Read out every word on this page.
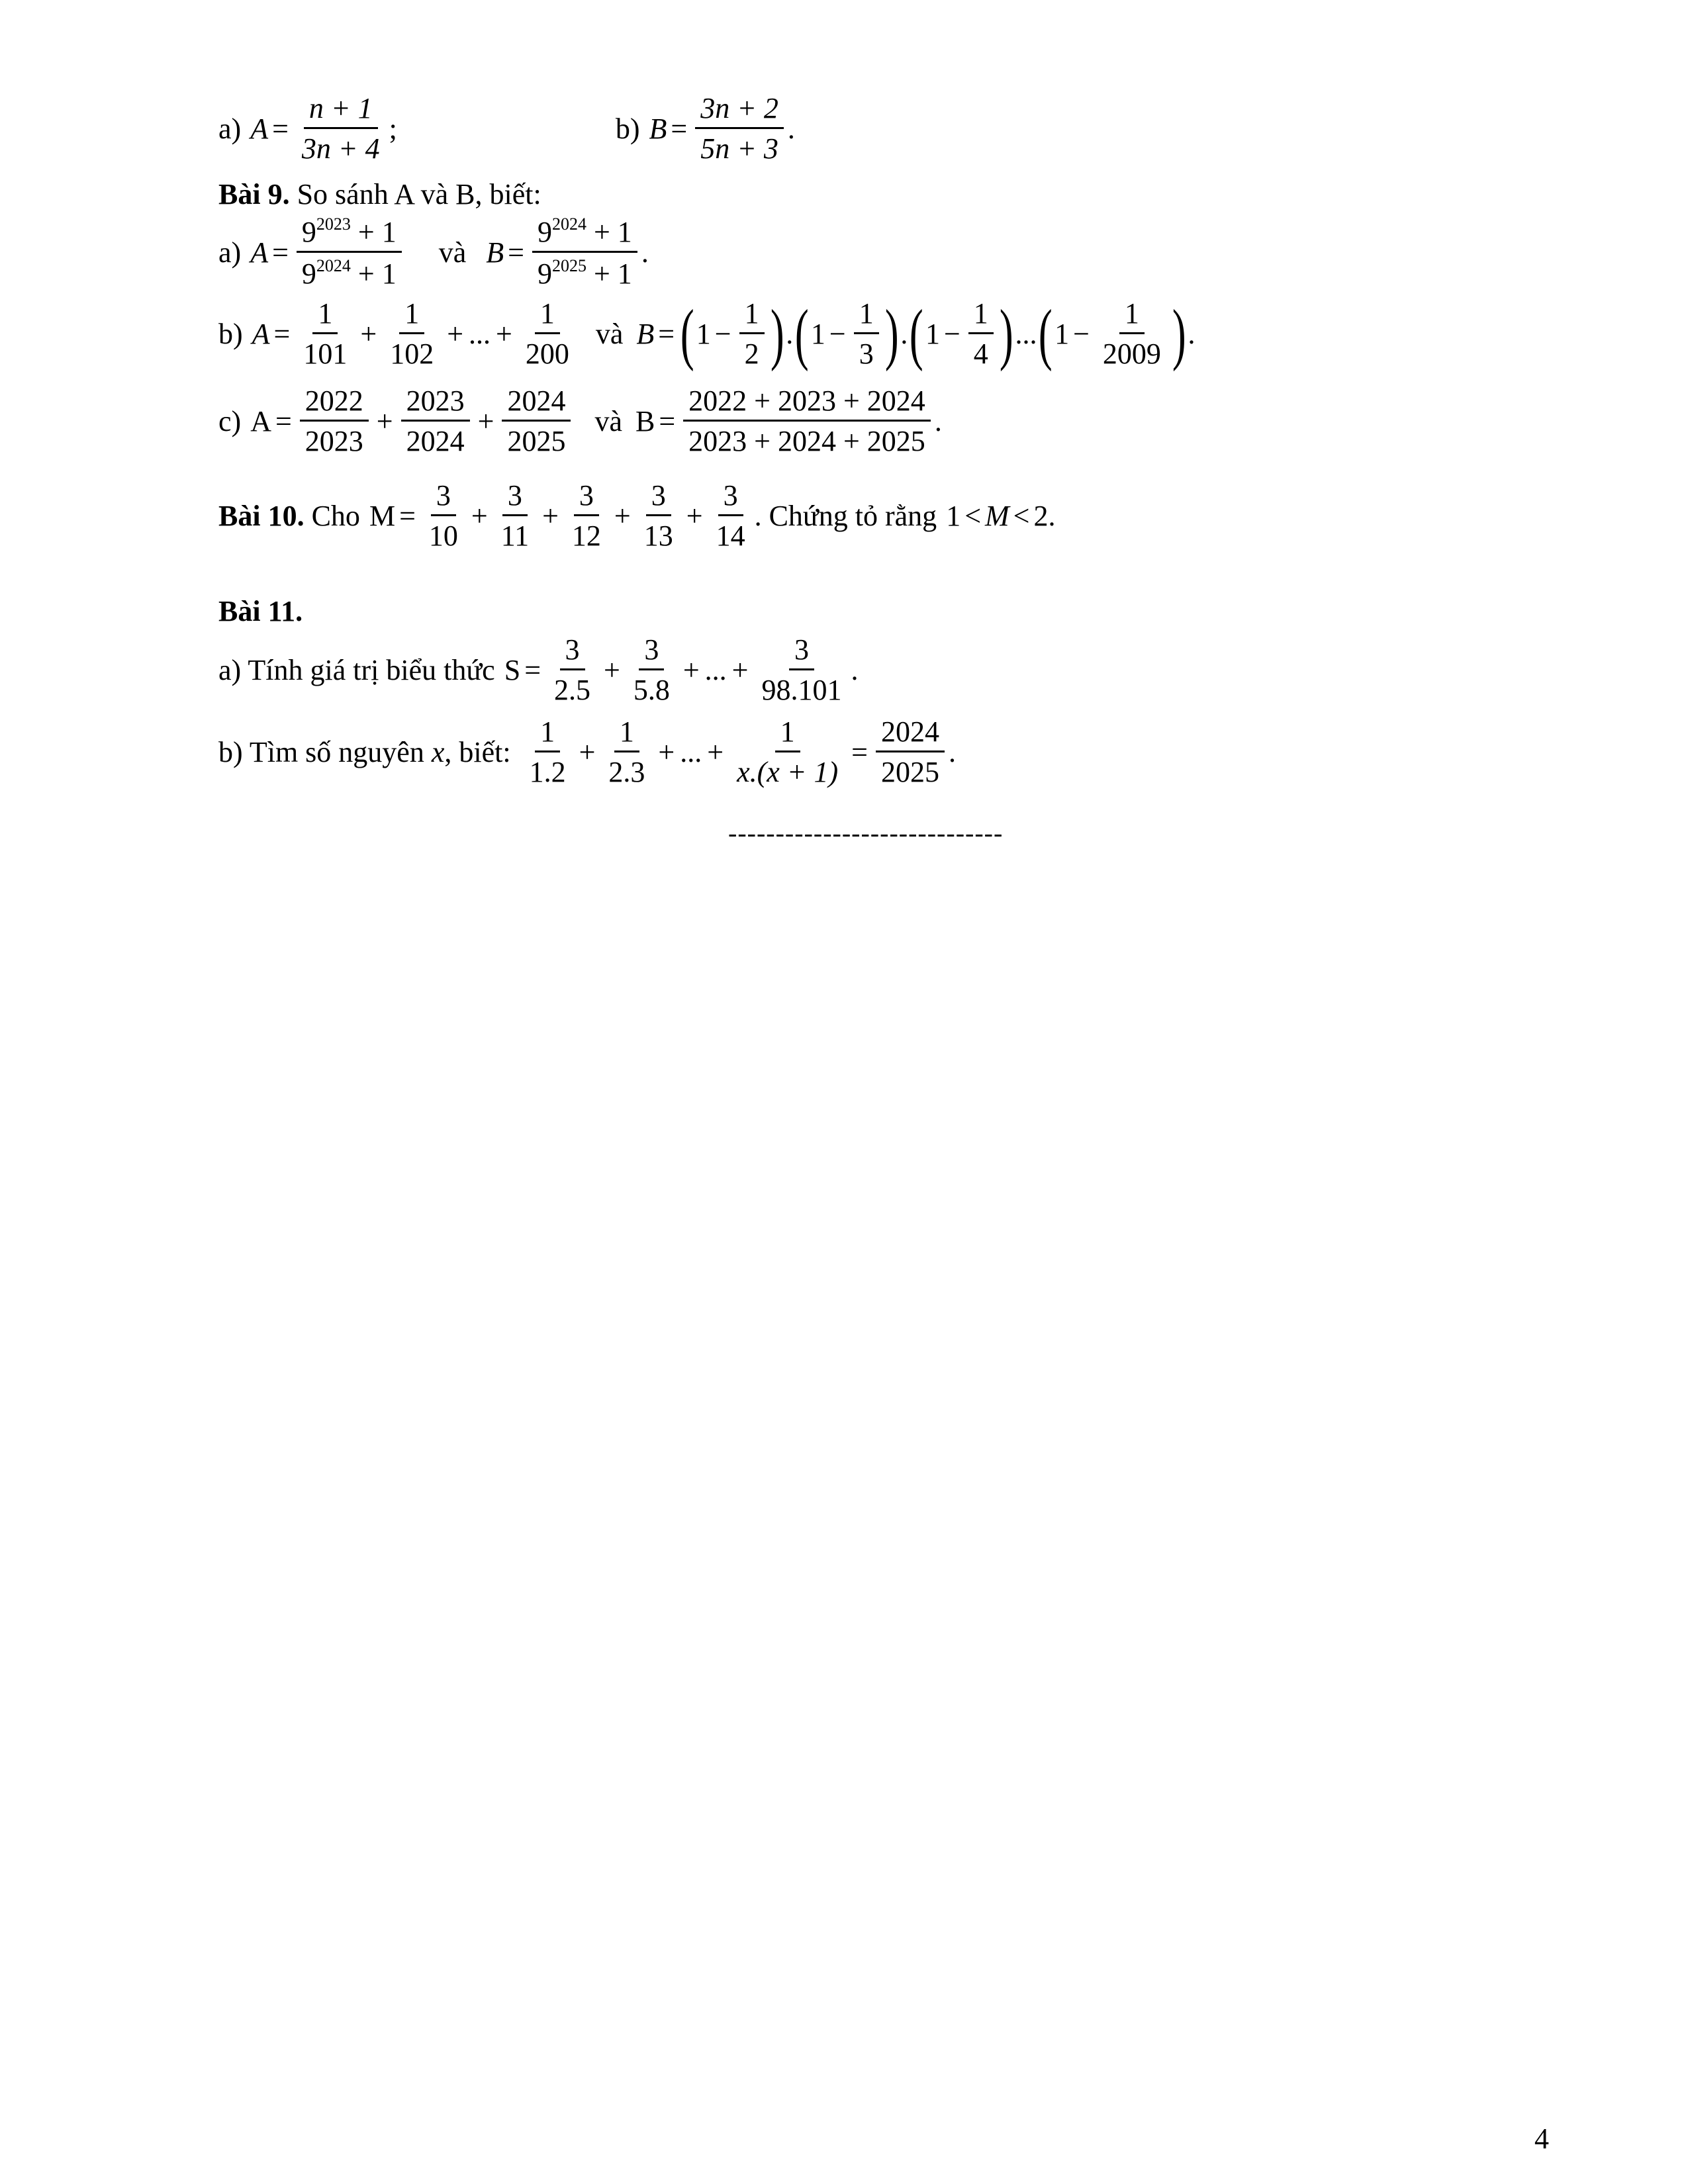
a) $A = \frac{n + 1}{3n + 4}$ ;	b) $B = \frac{3n + 2}{5n + 3}$ .
Bài 9. So sánh A và B, biết:
a) $A = \frac{9^{2023} + 1}{9^{2024} + 1}$ và $B = \frac{9^{2024} + 1}{9^{2025} + 1}$ .
b) $A = \frac{1}{101} + \frac{1}{102}$ + ... + $\frac{1}{200}$ và B = ( $1 - \frac{1}{2}$ ) . ( $1 - \frac{1}{3}$ ) . ( $1 - \frac{1}{4}$ ) ... ( $1 - \frac{1}{2009}$ ) .
c) $A = \frac{2022}{2023} + \frac{2023}{2024} + \frac{2024}{2025}$ và $B = \frac{2022 + 2023 + 2024}{2023 + 2024 + 2025}$ .
Bài 10. Cho $M = \frac{3}{10} + \frac{3}{11} + \frac{3}{12} + \frac{3}{13} + \frac{3}{14}$ . Chứng tỏ rằng 1 < M < 2.
Bài 11.
a) Tính giá trị biểu thức $S = \frac{3}{2.5} + \frac{3}{5.8}$ + ... + $\frac{3}{98.101}$ .
b) Tìm số nguyên x , biết: $\frac{1}{1.2} + \frac{1}{2.3}$ + ... + $\frac{1}{x.(x + 1)} = \frac{2024}{2025}$ .
-----------------------------
4
